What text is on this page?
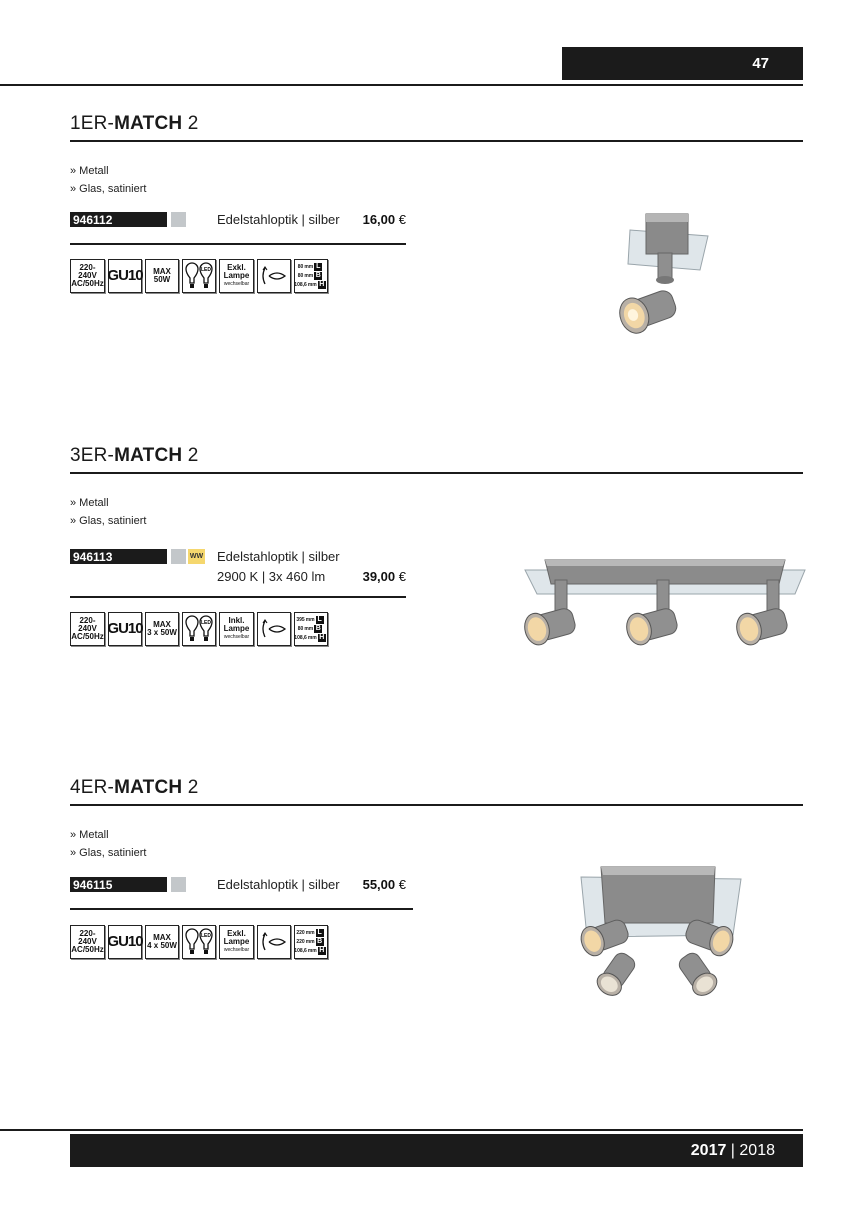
47
1ER-MATCH 2
» Metall
» Glas, satiniert
946112	Edelstahloptik | silber	16,00 €
220-240V
AC/50Hz GU10 MAX
50W
LED	Exkl.
Lampe
wechselbar
80 mm L
80 mm B
108,6 mm H
3ER-MATCH 2
» Metall
» Glas, satiniert
946113	WW Edelstahloptik | silber
2900 K | 3x 460 lm	39,00 €
220-240V
AC/50Hz GU10	MAX
3 x 50W
LED	Inkl.
Lampe
wechselbar
395 mm L
80 mm B
108,6 mm H
4ER-MATCH 2
» Metall
» Glas, satiniert
946115	Edelstahloptik | silber	55,00 €
220-240V
AC/50Hz GU10	MAX
4 x 50W
LED	Exkl.
Lampe
wechselbar
220 mm L
220 mm B
108,6 mm H
2017 | 2018
